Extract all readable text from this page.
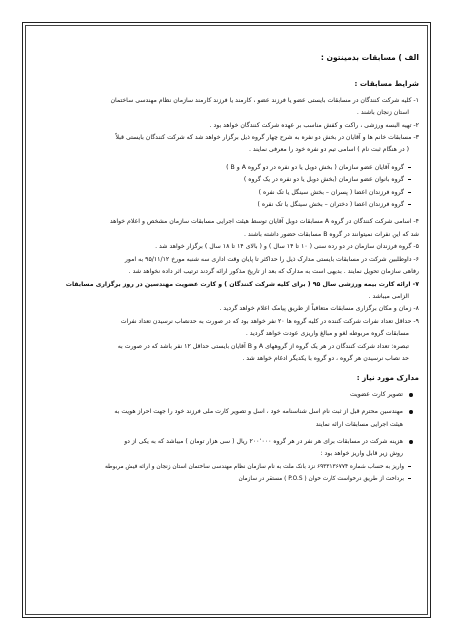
الف ) مسابقات بدمینتون :
شرایط مسابقات :

۱- کلیه شرکت کنندگان در مسابقات بایستی عضو یا فرزند عضو ، کارمند یا فرزند کارمند سازمان نظام مهندسی ساختمان

استان زنجان باشند .

۲- تهیه البسه ورزشی ، راکت و کفش مناسب بر عهده شرکت کنندگان خواهد بود .

۳- مسابقات خانم ها و آقایان در بخش دو نفره به شرح چهار گروه ذیل برگزار خواهد شد که شرکت کنندگان بایستی قبلاً

( در هنگام ثبت نام ) اسامی تیم دو نفره خود را معرفی نمایند .

گروه آقایان عضو سازمان ( بخش دوبل یا دو نفره در دو گروه A و B )
گروه بانوان عضو سازمان (بخش دوبل یا دو نفره در یک گروه )
گروه فرزندان اعضا ( پسران – بخش سینگل یا تک نفره )
گروه فرزندان اعضا ( دختران – بخش سینگل یا تک نفره )

۴- اسامی شرکت کنندگان در گروه A مسابقات دوبل آقایان توسط هیئت اجرایی مسابقات سازمان مشخص و اعلام خواهد

شد که این نفرات نمیتوانند در گروه B مسابقات حضور داشته باشند .

۵- گروه فرزندان سازمان در دو رده سنی ( ۱۰ تا ۱۴ سال ) و ( بالای ۱۴ تا ۱۸ سال ) برگزار خواهد شد .

۶- داوطلبین شرکت در مسابقات بایستی مدارک ذیل را حداکثر تا پایان وقت اداری سه شنبه مورخ ۹۵/۱۱/۱۲ به امور

رفاهی سازمان تحویل نمایند . بدیهی است به مدارک که بعد از تاریخ مذکور ارائه گردند ترتیب اثر داده نخواهد شد .

۷- ارائه کارت بیمه ورزشی سال ۹۵ ( برای کلیه شرکت کنندگان ) و کارت عضویت مهندسین در روز برگزاری مسابقات

الزامی میباشد .

۸- زمان و مکان برگزاری مسابقات متعاقباً از طریق پیامک اعلام خواهد گردید .

۹- حداقل تعداد نفرات شرکت کننده در کلیه گروه ها ۲۰ نفر خواهد بود که در صورت به حدنصاب نرسیدن تعداد نفرات

مسابقات گروه مربوطه لغو و مبالغ واریزی عودت خواهد گردید .

تبصره: تعداد شرکت کنندگان در هر یک گروه از گروههای A و B آقایان بایستی حداقل ۱۲ نفر باشد که در صورت به

حد نصاب نرسیدن هر گروه ، دو گروه با یکدیگر ادغام خواهد شد .

مدارک مورد نیاز :
تصویر کارت عضویت
مهندسین محترم قبل از ثبت نام اسل شناسنامه خود ، اسل و تصویر کارت ملی فرزند خود را جهت احراز هویت به
هیئت اجرایی مسابقات ارائه نمایند
هزینه شرکت در مسابقات برای هر نفر در هر گروه ۲۰۰٬۰۰۰ ریال ( سی هزار تومان ) میباشد که به یکی از دو
روش زیر قابل واریز خواهد بود :
واریز به حساب شماره ۶۹۳۳۱۳۶۷۷۴ نزد بانک ملت به نام سازمان نظام مهندسی ساختمان استان زنجان و ارائه فیش مربوطه
برداخت از طریق درخواست کارت خوان ( P.O.S ) مستقر در سازمان
